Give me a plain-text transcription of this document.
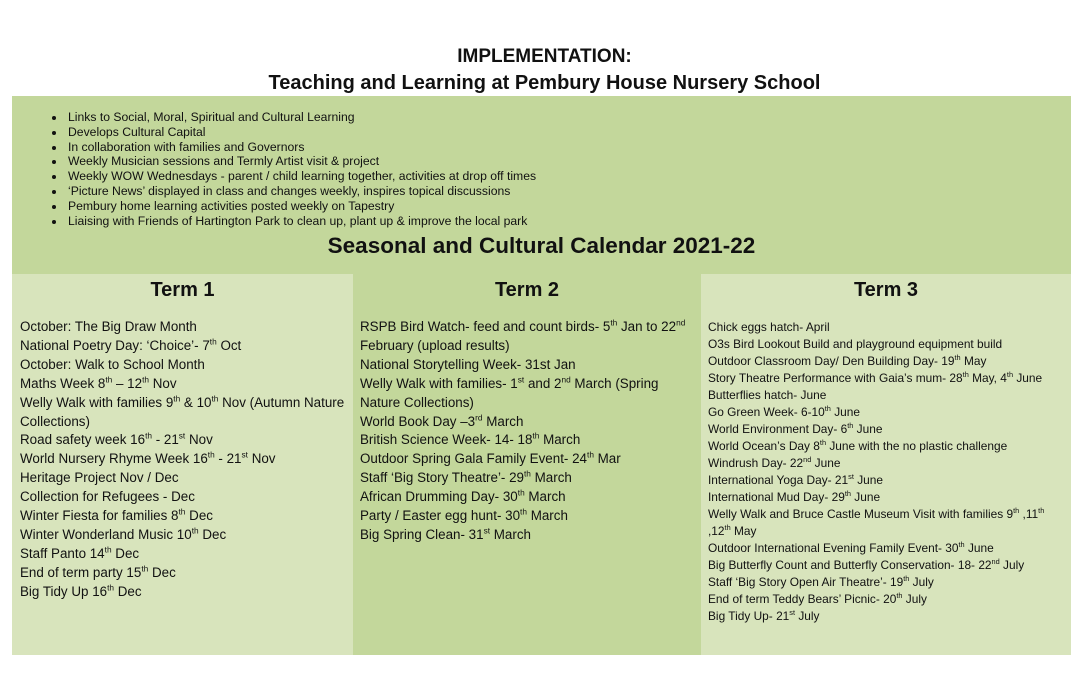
IMPLEMENTATION:
Teaching and Learning at Pembury House Nursery School
• Links to Social, Moral, Spiritual and Cultural Learning
• Develops Cultural Capital
• In collaboration with families and Governors
• Weekly Musician sessions and Termly Artist visit & project
• Weekly WOW Wednesdays - parent / child learning together, activities at drop off times
• ‘Picture News’ displayed in class and changes weekly, inspires topical discussions
• Pembury home learning activities posted weekly on Tapestry
• Liaising with Friends of Hartington Park to clean up, plant up & improve the local park
Seasonal and Cultural Calendar 2021-22
Term 1
October: The Big Draw Month
National Poetry Day: ‘Choice’- 7th Oct
October: Walk to School Month
Maths Week 8th – 12th Nov
Welly Walk with families 9th & 10th Nov (Autumn Nature Collections)
Road safety week 16th - 21st Nov
World Nursery Rhyme Week 16th - 21st Nov
Heritage Project Nov / Dec
Collection for Refugees - Dec
Winter Fiesta for families 8th Dec
Winter Wonderland Music 10th Dec
Staff Panto 14th Dec
End of term party 15th Dec
Big Tidy Up 16th Dec
Term 2
RSPB Bird Watch- feed and count birds- 5th Jan to 22nd February (upload results)
National Storytelling Week- 31st Jan
Welly Walk with families- 1st and 2nd March (Spring Nature Collections)
World Book Day –3rd March
British Science Week- 14- 18th March
Outdoor Spring Gala Family Event- 24th Mar
Staff ‘Big Story Theatre’- 29th March
African Drumming Day- 30th March
Party / Easter egg hunt- 30th March
Big Spring Clean- 31st March
Term 3
Chick eggs hatch- April
O3s Bird Lookout Build and playground equipment build
Outdoor Classroom Day/ Den Building Day- 19th May
Story Theatre Performance with Gaia’s mum- 28th May, 4th June
Butterflies hatch- June
Go Green Week- 6-10th June
World Environment Day- 6th June
World Ocean’s Day 8th June with the no plastic challenge
Windrush Day- 22nd June
International Yoga Day- 21st June
International Mud Day- 29th June
Welly Walk and Bruce Castle Museum Visit with families 9th ,11th ,12th May
Outdoor International Evening Family Event- 30th June
Big Butterfly Count and Butterfly Conservation- 18- 22nd July
Staff ‘Big Story Open Air Theatre’- 19th July
End of term Teddy Bears’ Picnic- 20th July
Big Tidy Up- 21st July
